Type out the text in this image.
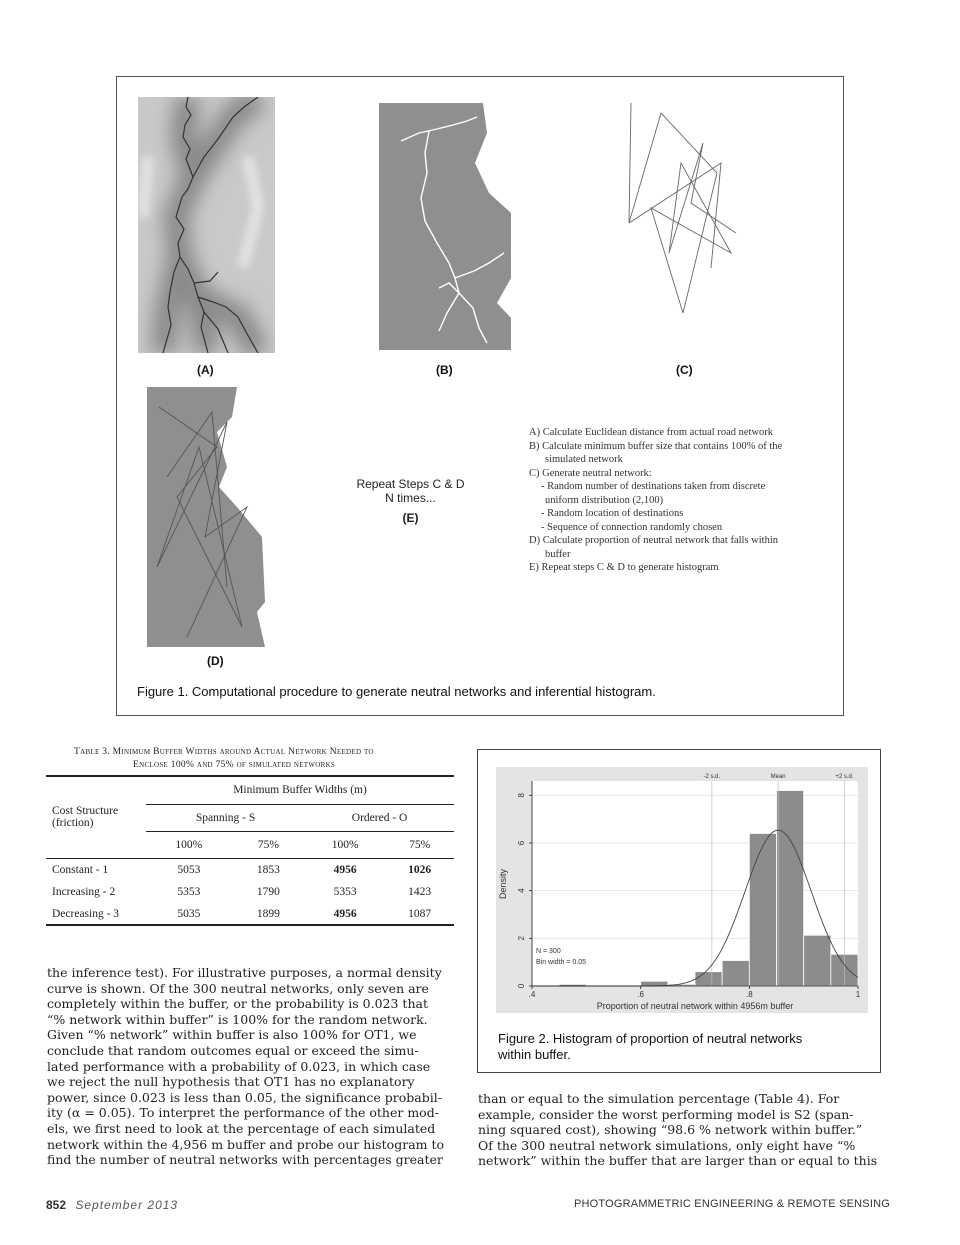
(A)	(B)	(C)
(D)
Repeat Steps C & D
N times...
(E)
A) Calculate Euclidean distance from actual road network
B) Calculate minimum buffer size that contains 100% of the
simulated network
C) Generate neutral network:
- Random number of destinations taken from discrete
uniform distribution (2,100)
- Random location of destinations
- Sequence of connection randomly chosen
D) Calculate proportion of neutral network that falls within
buffer
E) Repeat steps C & D to generate histogram
Figure 1. Computational procedure to generate neutral networks and inferential histogram.
Table 3. Minimum Buffer Widths around Actual Network Needed to
Enclose 100% and 75% of simulated networks
Cost Structure
(friction)	Minimum Buffer Widths (m)			
	Spanning - S		Ordered - O	
	100%	75%	100%	75%
Constant - 1	5053	1853	4956	1026
Increasing - 2	5353	1790	5353	1423
Decreasing - 3	5035	1899	4956	1087
the inference test). For illustrative purposes, a normal density
curve is shown. Of the 300 neutral networks, only seven are
completely within the buffer, or the probability is 0.023 that
“% network within buffer” is 100% for the random network.
Given “% network” within buffer is also 100% for OT1, we
conclude that random outcomes equal or exceed the simu-
lated performance with a probability of 0.023, in which case
we reject the null hypothesis that OT1 has no explanatory
power, since 0.023 is less than 0.05, the significance probabil-
ity (α = 0.05). To interpret the performance of the other mod-
els, we first need to look at the percentage of each simulated
network within the 4,956 m buffer and probe our histogram to
find the number of neutral networks with percentages greater
-2 s.d.	Mean	+2 s.d.
.4	.6	.8	1
0
2
4
6
8
Density
Proportion of neutral network within 4956m buffer
N = 300
Bin width = 0.05
Figure 2. Histogram of proportion of neutral networks
within buffer.
than or equal to the simulation percentage (Table 4). For
example, consider the worst performing model is S2 (span-
ning squared cost), showing “98.6 % network within buffer.”
Of the 300 neutral network simulations, only eight have “%
network” within the buffer that are larger than or equal to this
852 September 2013	PHOTOGRAMMETRIC ENGINEERING & REMOTE SENSING
